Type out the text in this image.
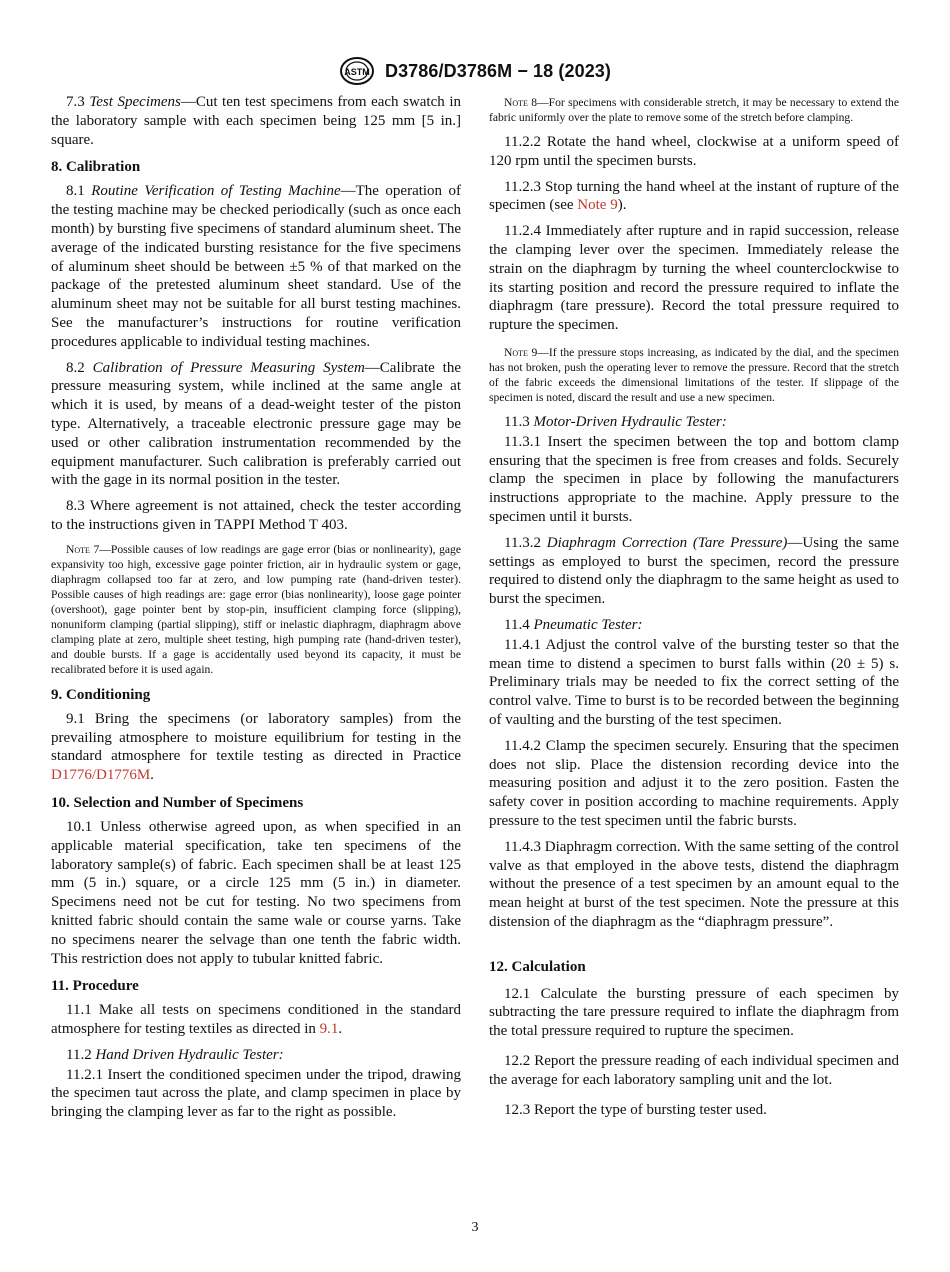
ASTM D3786/D3786M − 18 (2023)

7.3 Test Specimens—Cut ten test specimens from each swatch in the laboratory sample with each specimen being 125 mm [5 in.] square.

8. Calibration

8.1 Routine Verification of Testing Machine—The operation of the testing machine may be checked periodically (such as once each month) by bursting five specimens of standard aluminum sheet. The average of the indicated bursting resistance for the five specimens of aluminum sheet should be between ±5 % of that marked on the package of the pretested aluminum sheet standard. Use of the aluminum sheet may not be suitable for all burst testing machines. See the manufacturer’s instructions for routine verification procedures applicable to individual testing machines.

8.2 Calibration of Pressure Measuring System—Calibrate the pressure measuring system, while inclined at the same angle at which it is used, by means of a dead-weight tester of the piston type. Alternatively, a traceable electronic pressure gage may be used or other calibration instrumentation recommended by the equipment manufacturer. Such calibration is preferably carried out with the gage in its normal position in the tester.

8.3 Where agreement is not attained, check the tester according to the instructions given in TAPPI Method T 403.

Note 7—Possible causes of low readings are gage error (bias or nonlinearity), gage expansivity too high, excessive gage pointer friction, air in hydraulic system or gage, diaphragm collapsed too far at zero, and low pumping rate (hand-driven tester). Possible causes of high readings are: gage error (bias nonlinearity), loose gage pointer (overshoot), gage pointer bent by stop-pin, insufficient clamping force (slipping), nonuniform clamping (partial slipping), stiff or inelastic diaphragm, diaphragm above clamping plate at zero, multiple sheet testing, high pumping rate (hand-driven tester), and double bursts. If a gage is accidentally used beyond its capacity, it must be recalibrated before it is used again.
9. Conditioning

9.1 Bring the specimens (or laboratory samples) from the prevailing atmosphere to moisture equilibrium for testing in the standard atmosphere for textile testing as directed in Practice D1776/D1776M.

10. Selection and Number of Specimens

10.1 Unless otherwise agreed upon, as when specified in an applicable material specification, take ten specimens of the laboratory sample(s) of fabric. Each specimen shall be at least 125 mm (5 in.) square, or a circle 125 mm (5 in.) in diameter. Specimens need not be cut for testing. No two specimens from knitted fabric should contain the same wale or course yarns. Take no specimens nearer the selvage than one tenth the fabric width. This restriction does not apply to tubular knitted fabric.

11. Procedure

11.1 Make all tests on specimens conditioned in the standard atmosphere for testing textiles as directed in 9.1.

11.2 Hand Driven Hydraulic Tester:

11.2.1 Insert the conditioned specimen under the tripod, drawing the specimen taut across the plate, and clamp specimen in place by bringing the clamping lever as far to the right as possible.

Note 8—For specimens with considerable stretch, it may be necessary to extend the fabric uniformly over the plate to remove some of the stretch before clamping.

11.2.2 Rotate the hand wheel, clockwise at a uniform speed of 120 rpm until the specimen bursts.

11.2.3 Stop turning the hand wheel at the instant of rupture of the specimen (see Note 9).

11.2.4 Immediately after rupture and in rapid succession, release the clamping lever over the specimen. Immediately release the strain on the diaphragm by turning the wheel counterclockwise to its starting position and record the pressure required to inflate the diaphragm (tare pressure). Record the total pressure required to rupture the specimen.

Note 9—If the pressure stops increasing, as indicated by the dial, and the specimen has not broken, push the operating lever to remove the pressure. Record that the stretch of the fabric exceeds the dimensional limitations of the tester. If slippage of the specimen is noted, discard the result and use a new specimen.

11.3 Motor-Driven Hydraulic Tester:

11.3.1 Insert the specimen between the top and bottom clamp ensuring that the specimen is free from creases and folds. Securely clamp the specimen in place by following the manufacturers instructions appropriate to the machine. Apply pressure to the specimen until it bursts.

11.3.2 Diaphragm Correction (Tare Pressure)—Using the same settings as employed to burst the specimen, record the pressure required to distend only the diaphragm to the same height as used to burst the specimen.

11.4 Pneumatic Tester:

11.4.1 Adjust the control valve of the bursting tester so that the mean time to distend a specimen to burst falls within (20 ± 5) s. Preliminary trials may be needed to fix the correct setting of the control valve. Time to burst is to be recorded between the beginning of vaulting and the bursting of the test specimen.

11.4.2 Clamp the specimen securely. Ensuring that the specimen does not slip. Place the distension recording device into the measuring position and adjust it to the zero position. Fasten the safety cover in position according to machine requirements. Apply pressure to the test specimen until the fabric bursts.

11.4.3 Diaphragm correction. With the same setting of the control valve as that employed in the above tests, distend the diaphragm without the presence of a test specimen by an amount equal to the mean height at burst of the test specimen. Note the pressure at this distension of the diaphragm as the “diaphragm pressure”.

12. Calculation

12.1 Calculate the bursting pressure of each specimen by subtracting the tare pressure required to inflate the diaphragm from the total pressure required to rupture the specimen.

12.2 Report the pressure reading of each individual specimen and the average for each laboratory sampling unit and the lot.

12.3 Report the type of bursting tester used.

3
